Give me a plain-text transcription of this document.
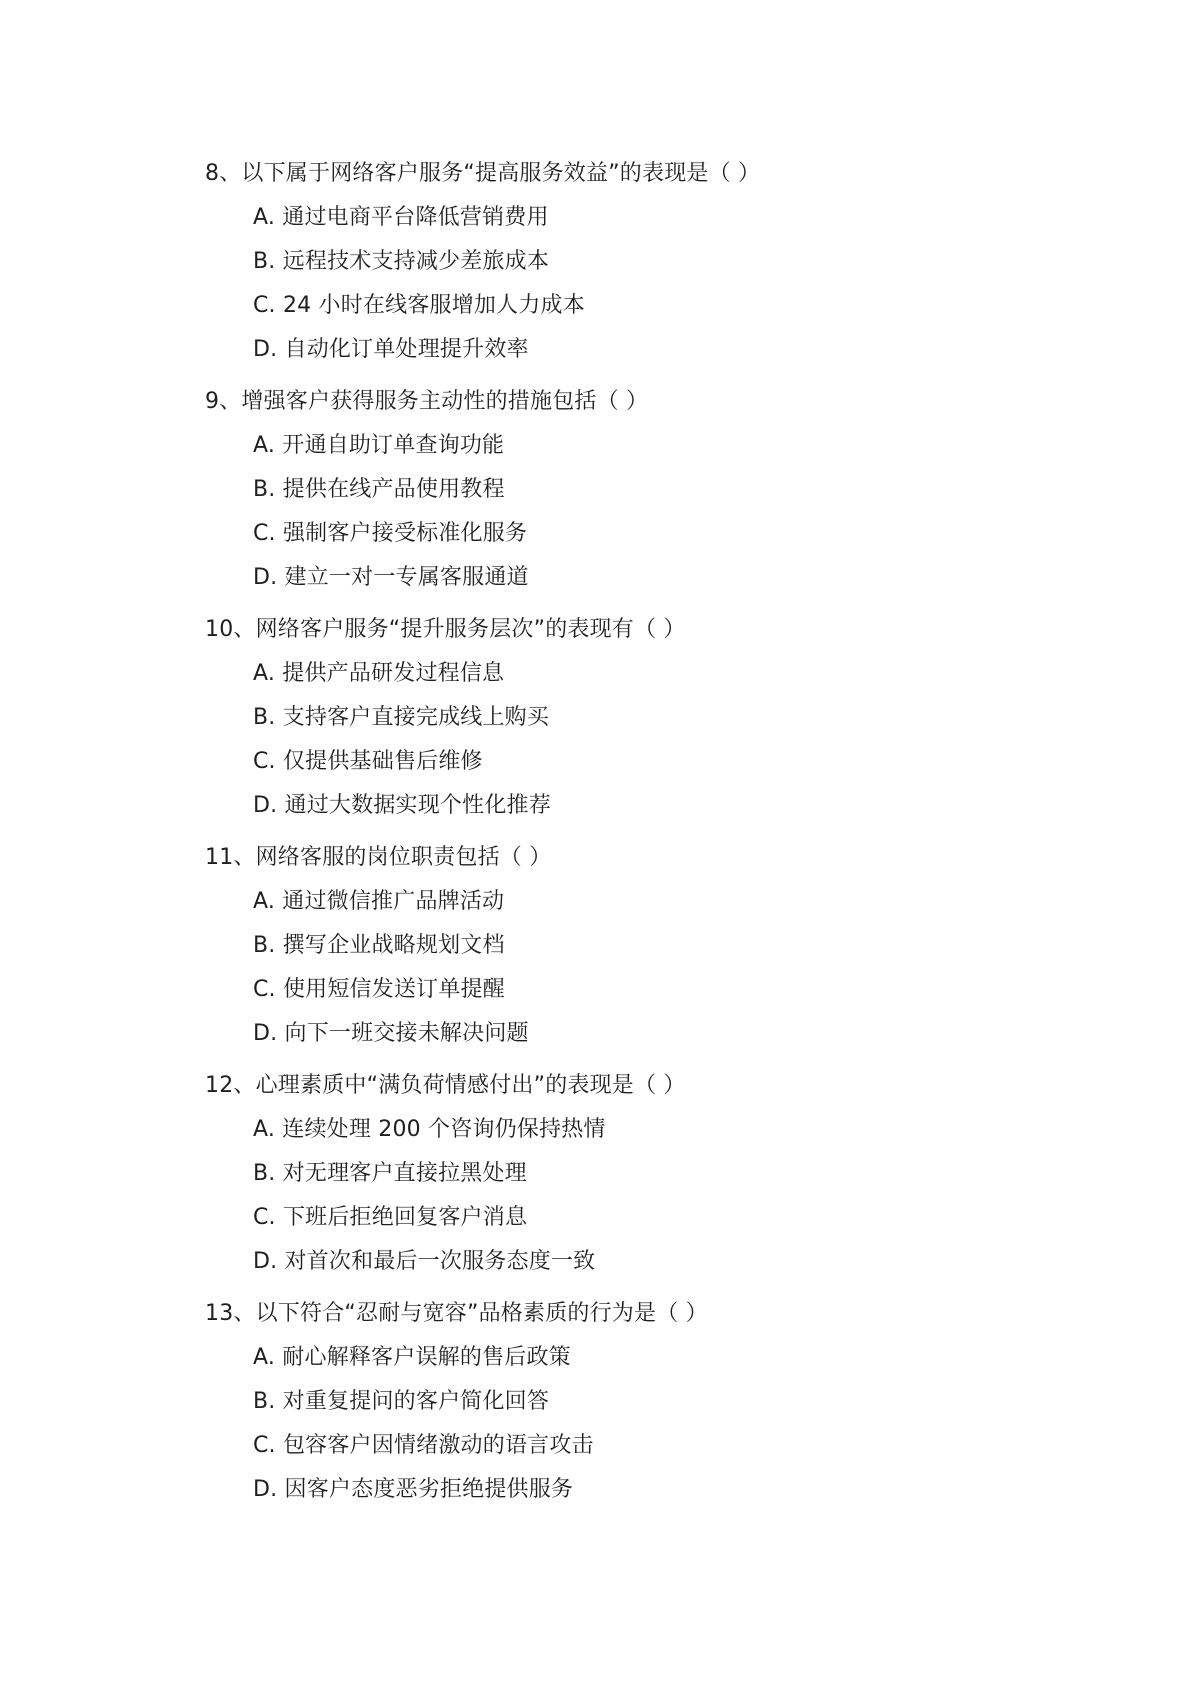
8、以下属于网络客户服务“提高服务效益”的表现是（ ）
A. 通过电商平台降低营销费用
B. 远程技术支持减少差旅成本
C. 24 小时在线客服增加人力成本
D. 自动化订单处理提升效率
9、增强客户获得服务主动性的措施包括（ ）
A. 开通自助订单查询功能
B. 提供在线产品使用教程
C. 强制客户接受标准化服务
D. 建立一对一专属客服通道
10、网络客户服务“提升服务层次”的表现有（ ）
A. 提供产品研发过程信息
B. 支持客户直接完成线上购买
C. 仅提供基础售后维修
D. 通过大数据实现个性化推荐
11、网络客服的岗位职责包括（ ）
A. 通过微信推广品牌活动
B. 撰写企业战略规划文档
C. 使用短信发送订单提醒
D. 向下一班交接未解决问题
12、心理素质中“满负荷情感付出”的表现是（ ）
A. 连续处理 200 个咨询仍保持热情
B. 对无理客户直接拉黑处理
C. 下班后拒绝回复客户消息
D. 对首次和最后一次服务态度一致
13、以下符合“忍耐与宽容”品格素质的行为是（ ）
A. 耐心解释客户误解的售后政策
B. 对重复提问的客户简化回答
C. 包容客户因情绪激动的语言攻击
D. 因客户态度恶劣拒绝提供服务
